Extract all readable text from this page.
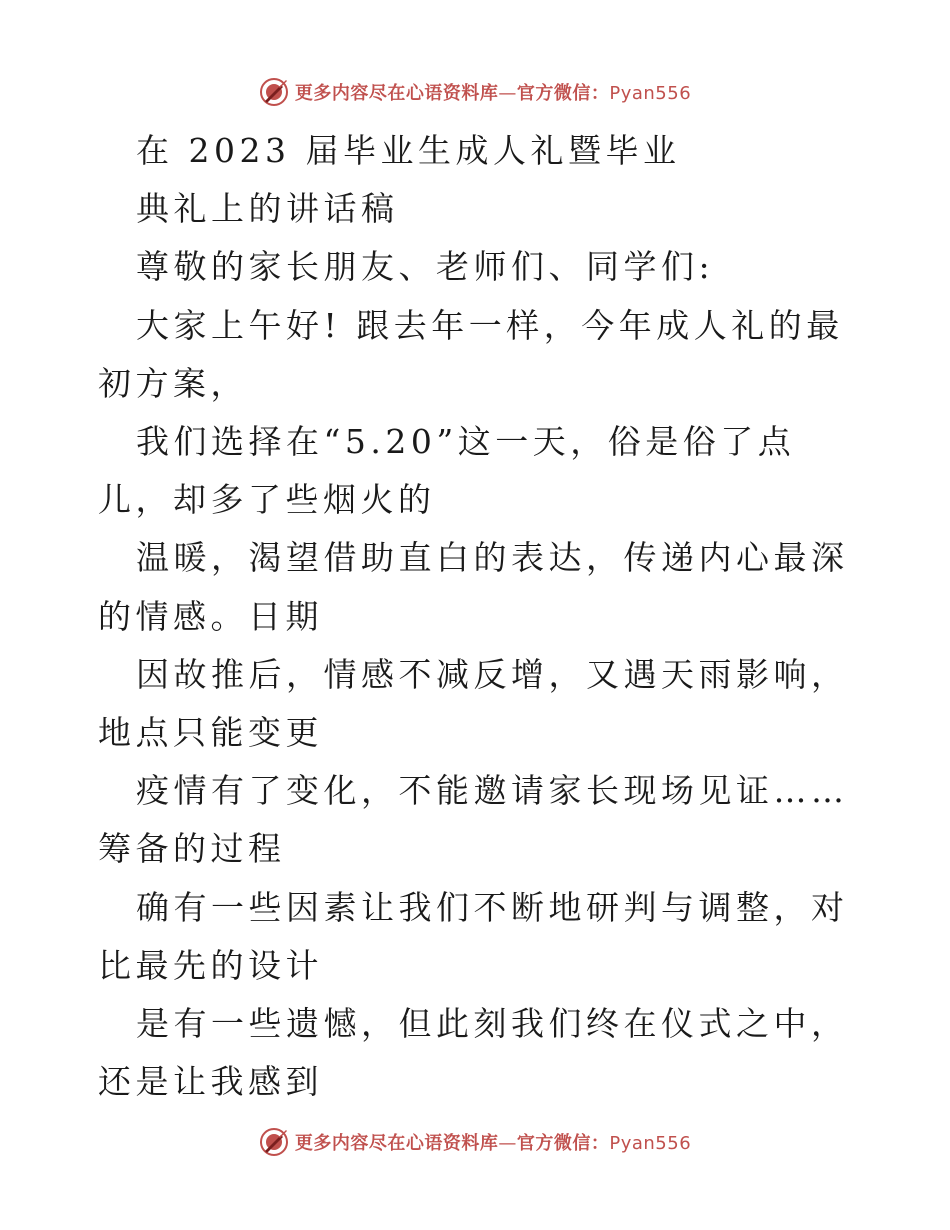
更多内容尽在心语资料库—官方微信：Pyan556

在 2023 届毕业生成人礼暨毕业

典礼上的讲话稿

尊敬的家长朋友、老师们、同学们:

大家上午好! 跟去年一样，今年成人礼的最初方案，

我们选择在“5.20”这一天，俗是俗了点儿，却多了些烟火的

温暖，渴望借助直白的表达，传递内心最深的情感。日期

因故推后，情感不减反增，又遇天雨影响，地点只能变更

疫情有了变化，不能邀请家长现场见证……筹备的过程

确有一些因素让我们不断地研判与调整，对比最先的设计

是有一些遗憾，但此刻我们终在仪式之中，还是让我感到

更多内容尽在心语资料库—官方微信：Pyan556
